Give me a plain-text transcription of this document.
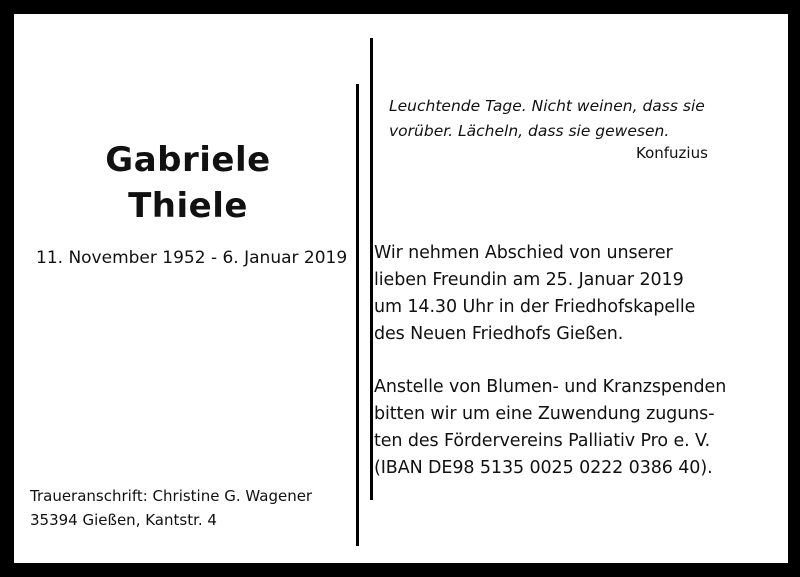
Gabriele
Thiele
11. November 1952 - 6. Januar 2019
Traueranschrift: Christine G. Wagener
35394 Gießen, Kantstr. 4
Leuchtende Tage. Nicht weinen, dass sie
vorüber. Lächeln, dass sie gewesen.
Konfuzius
Wir nehmen Abschied von unserer
lieben Freundin am 25. Januar 2019
um 14.30 Uhr in der Friedhofskapelle
des Neuen Friedhofs Gießen.
Anstelle von Blumen- und Kranzspenden
bitten wir um eine Zuwendung zuguns-
ten des Fördervereins Palliativ Pro e. V.
(IBAN DE98 5135 0025 0222 0386 40).
